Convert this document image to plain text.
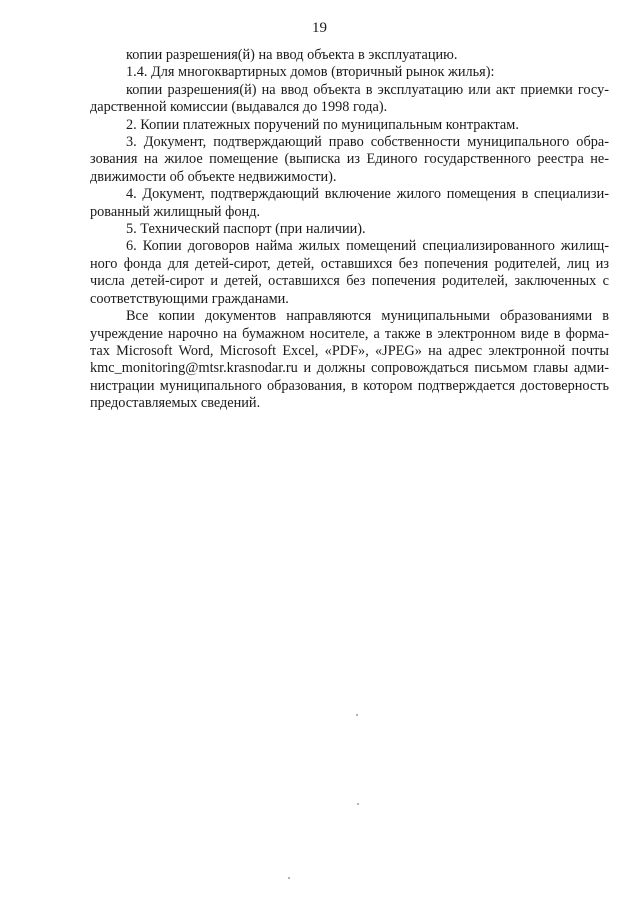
19
копии разрешения(й) на ввод объекта в эксплуатацию.
1.4. Для многоквартирных домов (вторичный рынок жилья):
копии разрешения(й) на ввод объекта в эксплуатацию или акт приемки госу-
дарственной комиссии (выдавался до 1998 года).
2. Копии платежных поручений по муниципальным контрактам.
3. Документ, подтверждающий право собственности муниципального обра-
зования на жилое помещение (выписка из Единого государственного реестра не-
движимости об объекте недвижимости).
4. Документ, подтверждающий включение жилого помещения в специализи-
рованный жилищный фонд.
5. Технический паспорт (при наличии).
6. Копии договоров найма жилых помещений специализированного жилищ-
ного фонда для детей-сирот, детей, оставшихся без попечения родителей, лиц из
числа детей-сирот и детей, оставшихся без попечения родителей, заключенных с
соответствующими гражданами.
Все копии документов направляются муниципальными образованиями в
учреждение нарочно на бумажном носителе, а также в электронном виде в форма-
тах Microsoft Word, Microsoft Excel, «PDF», «JPEG» на адрес электронной почты
kmc_monitoring@mtsr.krasnodar.ru и должны сопровождаться письмом главы адми-
нистрации муниципального образования, в котором подтверждается достоверность
предоставляемых сведений.
